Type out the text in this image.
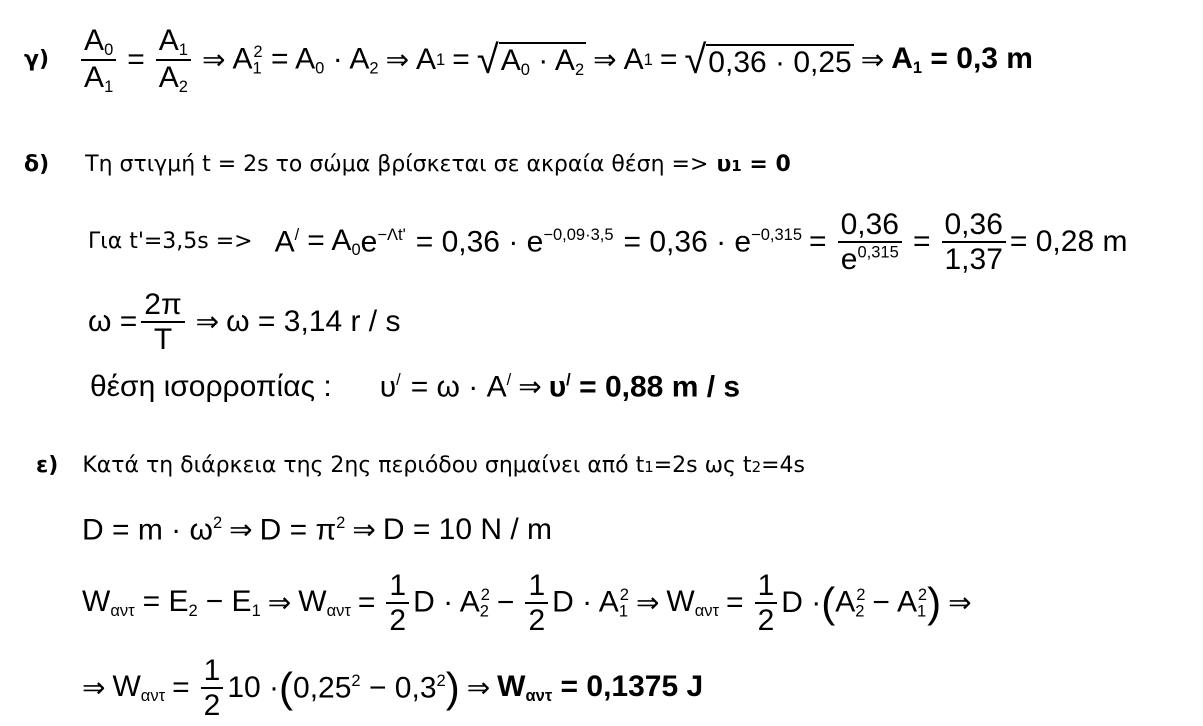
$\gamma) \frac{A_0}{A_1} = \frac{A_1}{A_2}$ ⇒ $A_1^2 = A_0 \cdot A_2$ ⇒ A 1 = √ $A_0 \cdot A_2$ ⇒ A 1 = √ 0,36 · 0,25 ⇒ $A_1 = 0,3$ m
δ) Τη στιγμή t = 2s το σώμα βρίσκεται σε ακραία θέση => υ1 = 0
Για $t'=3,5s => A^/ = A_0$ $e^{-\Lambda t'} = 0,36 \cdot e^{-0,09\cdot 3,5} = 0,36 \cdot e^{-0,315} = \frac{0,36}{e^{0,315}} = \frac{0,36}{1,37} = 0,28$ m
$\omega = \frac{2\pi}{T}$ ⇒ ω = 3,14 r / s
θέση ισορροπίας : υ/ = ω · A/ ⇒ υ/ = 0,88 m / s
ε) Κατά τη διάρκεια της 2ης περιόδου σημαίνει από t1=2s ως t2=4s
$D = m \cdot \omega^2$ ⇒ $D = \pi^2$ ⇒ D = 10 N / m
$W_{\alpha\nu\tau} = E_2 - E_1$ ⇒ $W_{\alpha\nu\tau} = \frac{1}{2}$ $D \cdot A_2^2 - \frac{1}{2}$ $D \cdot A_1^2$ ⇒ $W_{\alpha\nu\tau} = \frac{1}{2}$ D · ( $A_2^2 - A_1^2$ ) ⇒
⇒ $W_{\alpha\nu\tau} = \frac{1}{2} 10$ · ( $0,25^2 - 0,3^2$ ) ⇒ $W_{\alpha\nu\tau} = 0,1375$ J
